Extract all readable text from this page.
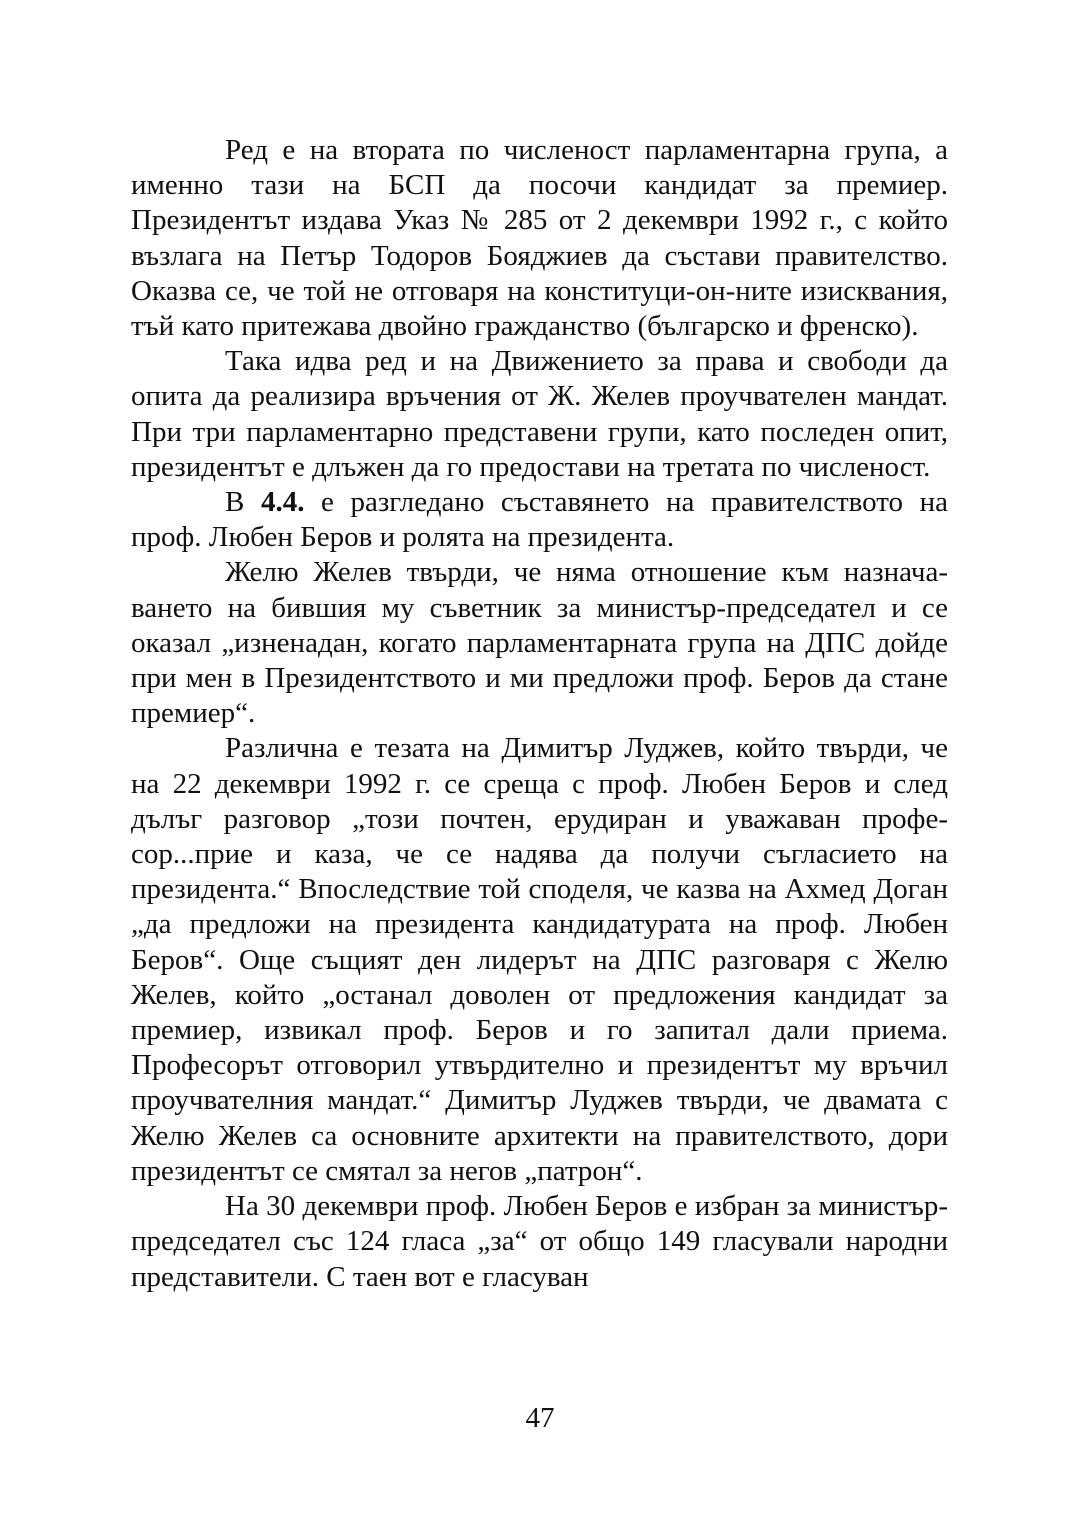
Ред е на втората по численост парламентарна група, а именно тази на БСП да посочи кандидат за премиер. Президентът издава Указ № 285 от 2 декември 1992 г., с който възлага на Петър Тодоров Бояджиев да състави правителство. Оказва се, че той не отговаря на конституци-он-ните изисквания, тъй като притежава двойно гражданство (българско и френско).

Така идва ред и на Движението за права и свободи да опита да реализира връчения от Ж. Желев проучвателен мандат. При три парламентарно представени групи, като последен опит, президентът е длъжен да го предостави на третата по численост.

В 4.4. е разгледано съставянето на правителството на проф. Любен Беров и ролята на президента.

Желю Желев твърди, че няма отношение към назначаването на бившия му съветник за министър-председател и се оказал „изненадан, когато парламентарната група на ДПС дойде при мен в Президентството и ми предложи проф. Беров да стане премиер“.

Различна е тезата на Димитър Луджев, който твърди, че на 22 декември 1992 г. се среща с проф. Любен Беров и след дълъг разговор „този почтен, ерудиран и уважаван професор...прие и каза, че се надява да получи съгласието на президента.“ Впоследствие той споделя, че казва на Ахмед Доган „да предложи на президента кандидатурата на проф. Любен Беров“. Още същият ден лидерът на ДПС разговаря с Желю Желев, който „останал доволен от предложения кандидат за премиер, извикал проф. Беров и го запитал дали приема. Професорът отговорил утвърдително и президентът му връчил проучвателния мандат.“ Димитър Луджев твърди, че двамата с Желю Желев са основните архитекти на правителството, дори президентът се смятал за негов „патрон“.

На 30 декември проф. Любен Беров е избран за министър-председател със 124 гласа „за“ от общо 149 гласували народни представители. С таен вот е гласуван

47
